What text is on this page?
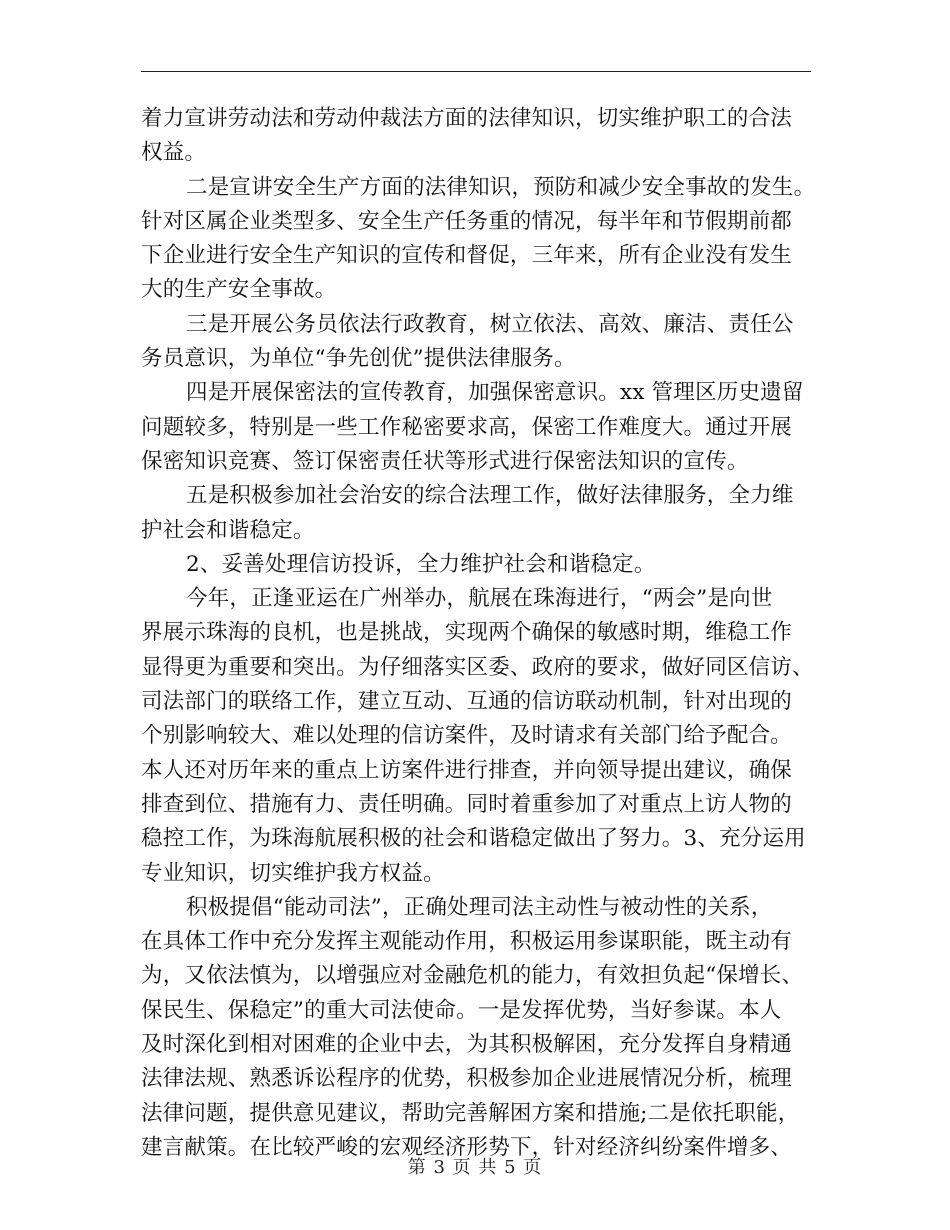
着力宣讲劳动法和劳动仲裁法方面的法律知识，切实维护职工的合法
权益。
二是宣讲安全生产方面的法律知识，预防和减少安全事故的发生。
针对区属企业类型多、安全生产任务重的情况，每半年和节假期前都
下企业进行安全生产知识的宣传和督促，三年来，所有企业没有发生
大的生产安全事故。
三是开展公务员依法行政教育，树立依法、高效、廉洁、责任公
务员意识，为单位“争先创优”提供法律服务。
四是开展保密法的宣传教育，加强保密意识。xx 管理区历史遗留
问题较多，特别是一些工作秘密要求高，保密工作难度大。通过开展
保密知识竞赛、签订保密责任状等形式进行保密法知识的宣传。
五是积极参加社会治安的综合法理工作，做好法律服务，全力维
护社会和谐稳定。
2、妥善处理信访投诉，全力维护社会和谐稳定。
今年，正逢亚运在广州举办，航展在珠海进行，“两会”是向世
界展示珠海的良机，也是挑战，实现两个确保的敏感时期，维稳工作
显得更为重要和突出。为仔细落实区委、政府的要求，做好同区信访、
司法部门的联络工作，建立互动、互通的信访联动机制，针对出现的
个别影响较大、难以处理的信访案件，及时请求有关部门给予配合。
本人还对历年来的重点上访案件进行排查，并向领导提出建议，确保
排查到位、措施有力、责任明确。同时着重参加了对重点上访人物的
稳控工作，为珠海航展积极的社会和谐稳定做出了努力。3、充分运用
专业知识，切实维护我方权益。
积极提倡“能动司法”，正确处理司法主动性与被动性的关系，
在具体工作中充分发挥主观能动作用，积极运用参谋职能，既主动有
为，又依法慎为，以增强应对金融危机的能力，有效担负起“保增长、
保民生、保稳定”的重大司法使命。一是发挥优势，当好参谋。本人
及时深化到相对困难的企业中去，为其积极解困，充分发挥自身精通
法律法规、熟悉诉讼程序的优势，积极参加企业进展情况分析，梳理
法律问题，提供意见建议，帮助完善解困方案和措施;二是依托职能，
建言献策。在比较严峻的宏观经济形势下，针对经济纠纷案件增多、
第 3 页 共 5 页
